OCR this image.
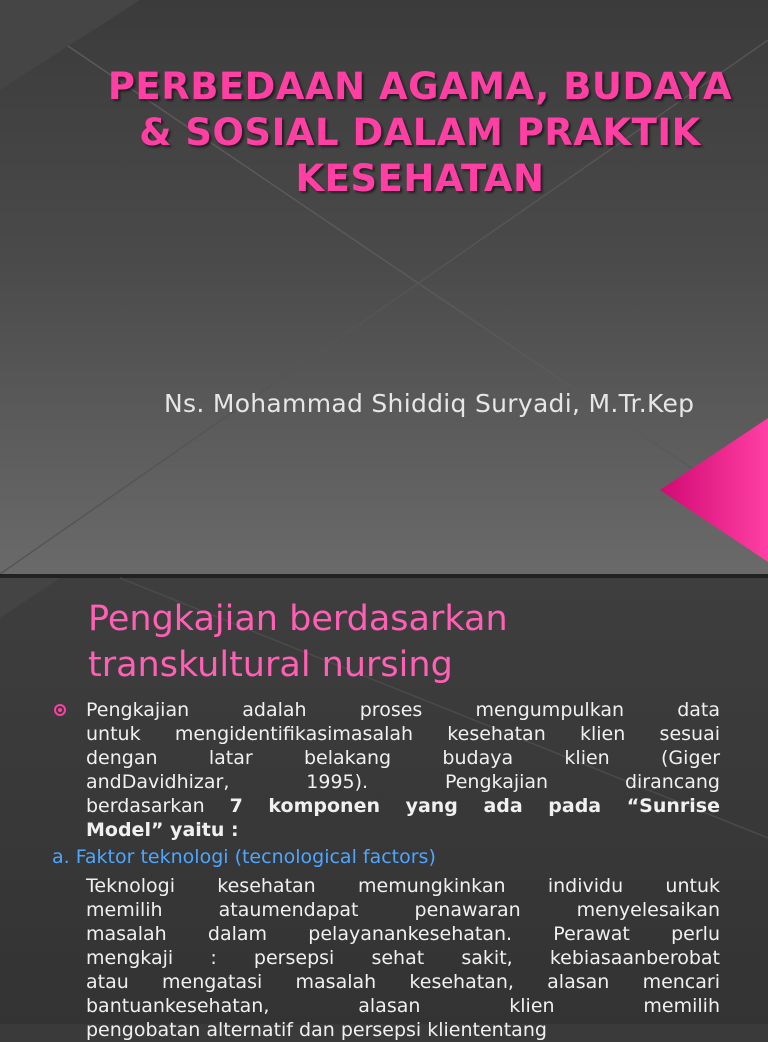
PERBEDAAN AGAMA, BUDAYA
& SOSIAL DALAM PRAKTIK
KESEHATAN
Ns. Mohammad Shiddiq Suryadi, M.Tr.Kep
Pengkajian berdasarkan
transkultural nursing
Pengkajian adalah proses mengumpulkan data
untuk mengidentifikasimasalah kesehatan klien sesuai
dengan latar belakang budaya klien (Giger
andDavidhizar, 1995). Pengkajian dirancang
berdasarkan 7 komponen yang ada pada “Sunrise
Model” yaitu :
a. Faktor teknologi (tecnological factors)
Teknologi kesehatan memungkinkan individu untuk
memilih ataumendapat penawaran menyelesaikan
masalah dalam pelayanankesehatan. Perawat perlu
mengkaji : persepsi sehat sakit, kebiasaanberobat
atau mengatasi masalah kesehatan, alasan mencari
bantuankesehatan, alasan klien memilih
pengobatan alternatif dan persepsi kliententang
